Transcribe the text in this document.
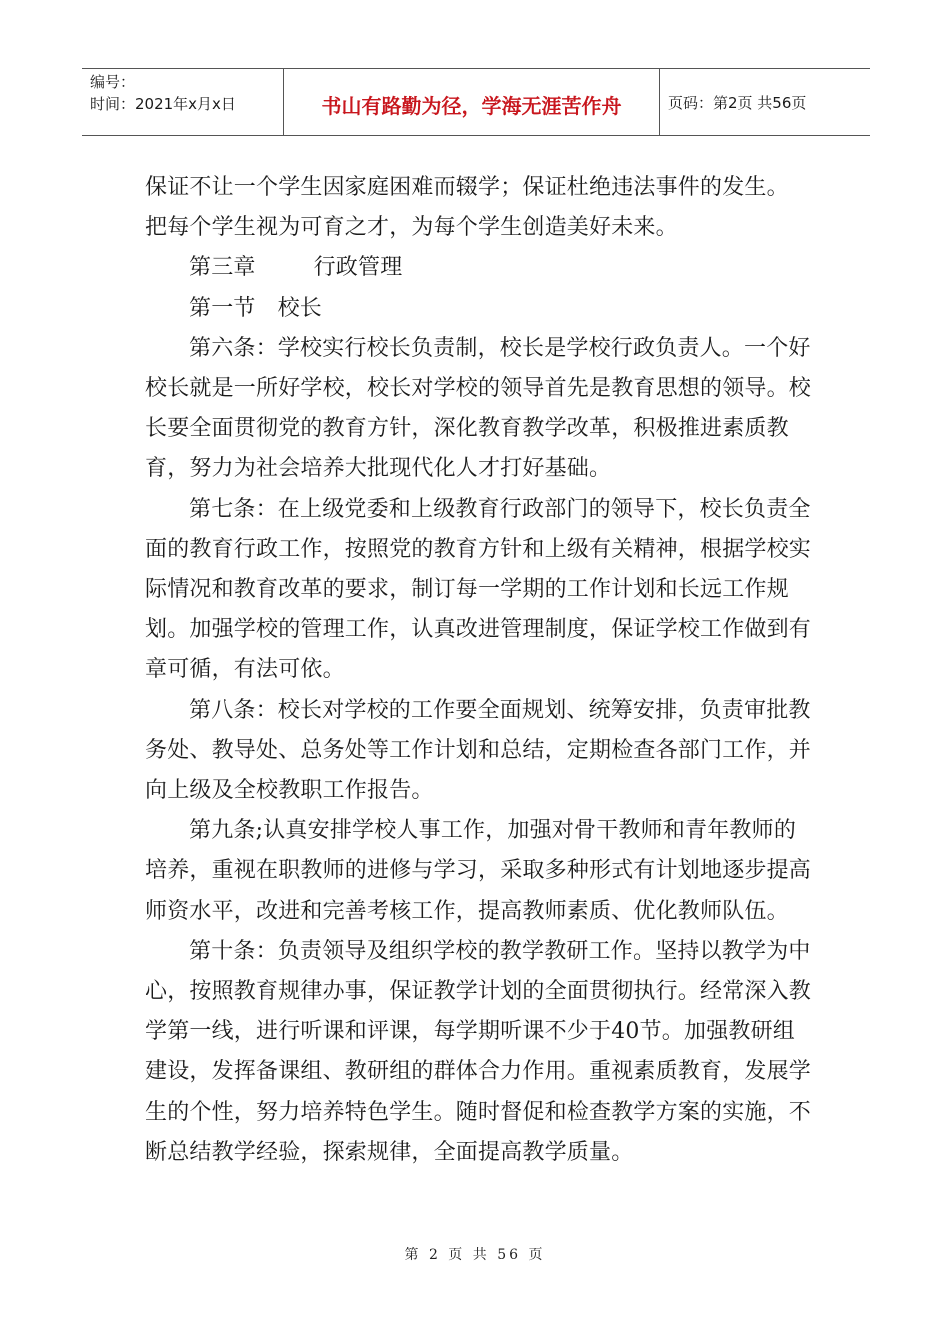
编号：
时间：2021年x月x日	书山有路勤为径，学海无涯苦作舟	页码：第2页 共56页

保证不让一个学生因家庭困难而辍学；保证杜绝违法事件的发生。

把每个学生视为可育之才，为每个学生创造美好未来。

第三章	行政管理

第一节 校长

第六条：学校实行校长负责制，校长是学校行政负责人。一个好校长就是一所好学校，校长对学校的领导首先是教育思想的领导。校长要全面贯彻党的教育方针，深化教育教学改革，积极推进素质教育，努力为社会培养大批现代化人才打好基础。

第七条：在上级党委和上级教育行政部门的领导下，校长负责全面的教育行政工作，按照党的教育方针和上级有关精神，根据学校实际情况和教育改革的要求，制订每一学期的工作计划和长远工作规划。加强学校的管理工作，认真改进管理制度，保证学校工作做到有章可循，有法可依。

第八条：校长对学校的工作要全面规划、统筹安排，负责审批教务处、教导处、总务处等工作计划和总结，定期检查各部门工作，并向上级及全校教职工作报告。

第九条;认真安排学校人事工作，加强对骨干教师和青年教师的培养，重视在职教师的进修与学习，采取多种形式有计划地逐步提高师资水平，改进和完善考核工作，提高教师素质、优化教师队伍。

第十条：负责领导及组织学校的教学教研工作。坚持以教学为中心，按照教育规律办事，保证教学计划的全面贯彻执行。经常深入教学第一线，进行听课和评课，每学期听课不少于40节。加强教研组建设，发挥备课组、教研组的群体合力作用。重视素质教育，发展学生的个性，努力培养特色学生。随时督促和检查教学方案的实施，不断总结教学经验，探索规律，全面提高教学质量。

第 2 页 共 56 页
